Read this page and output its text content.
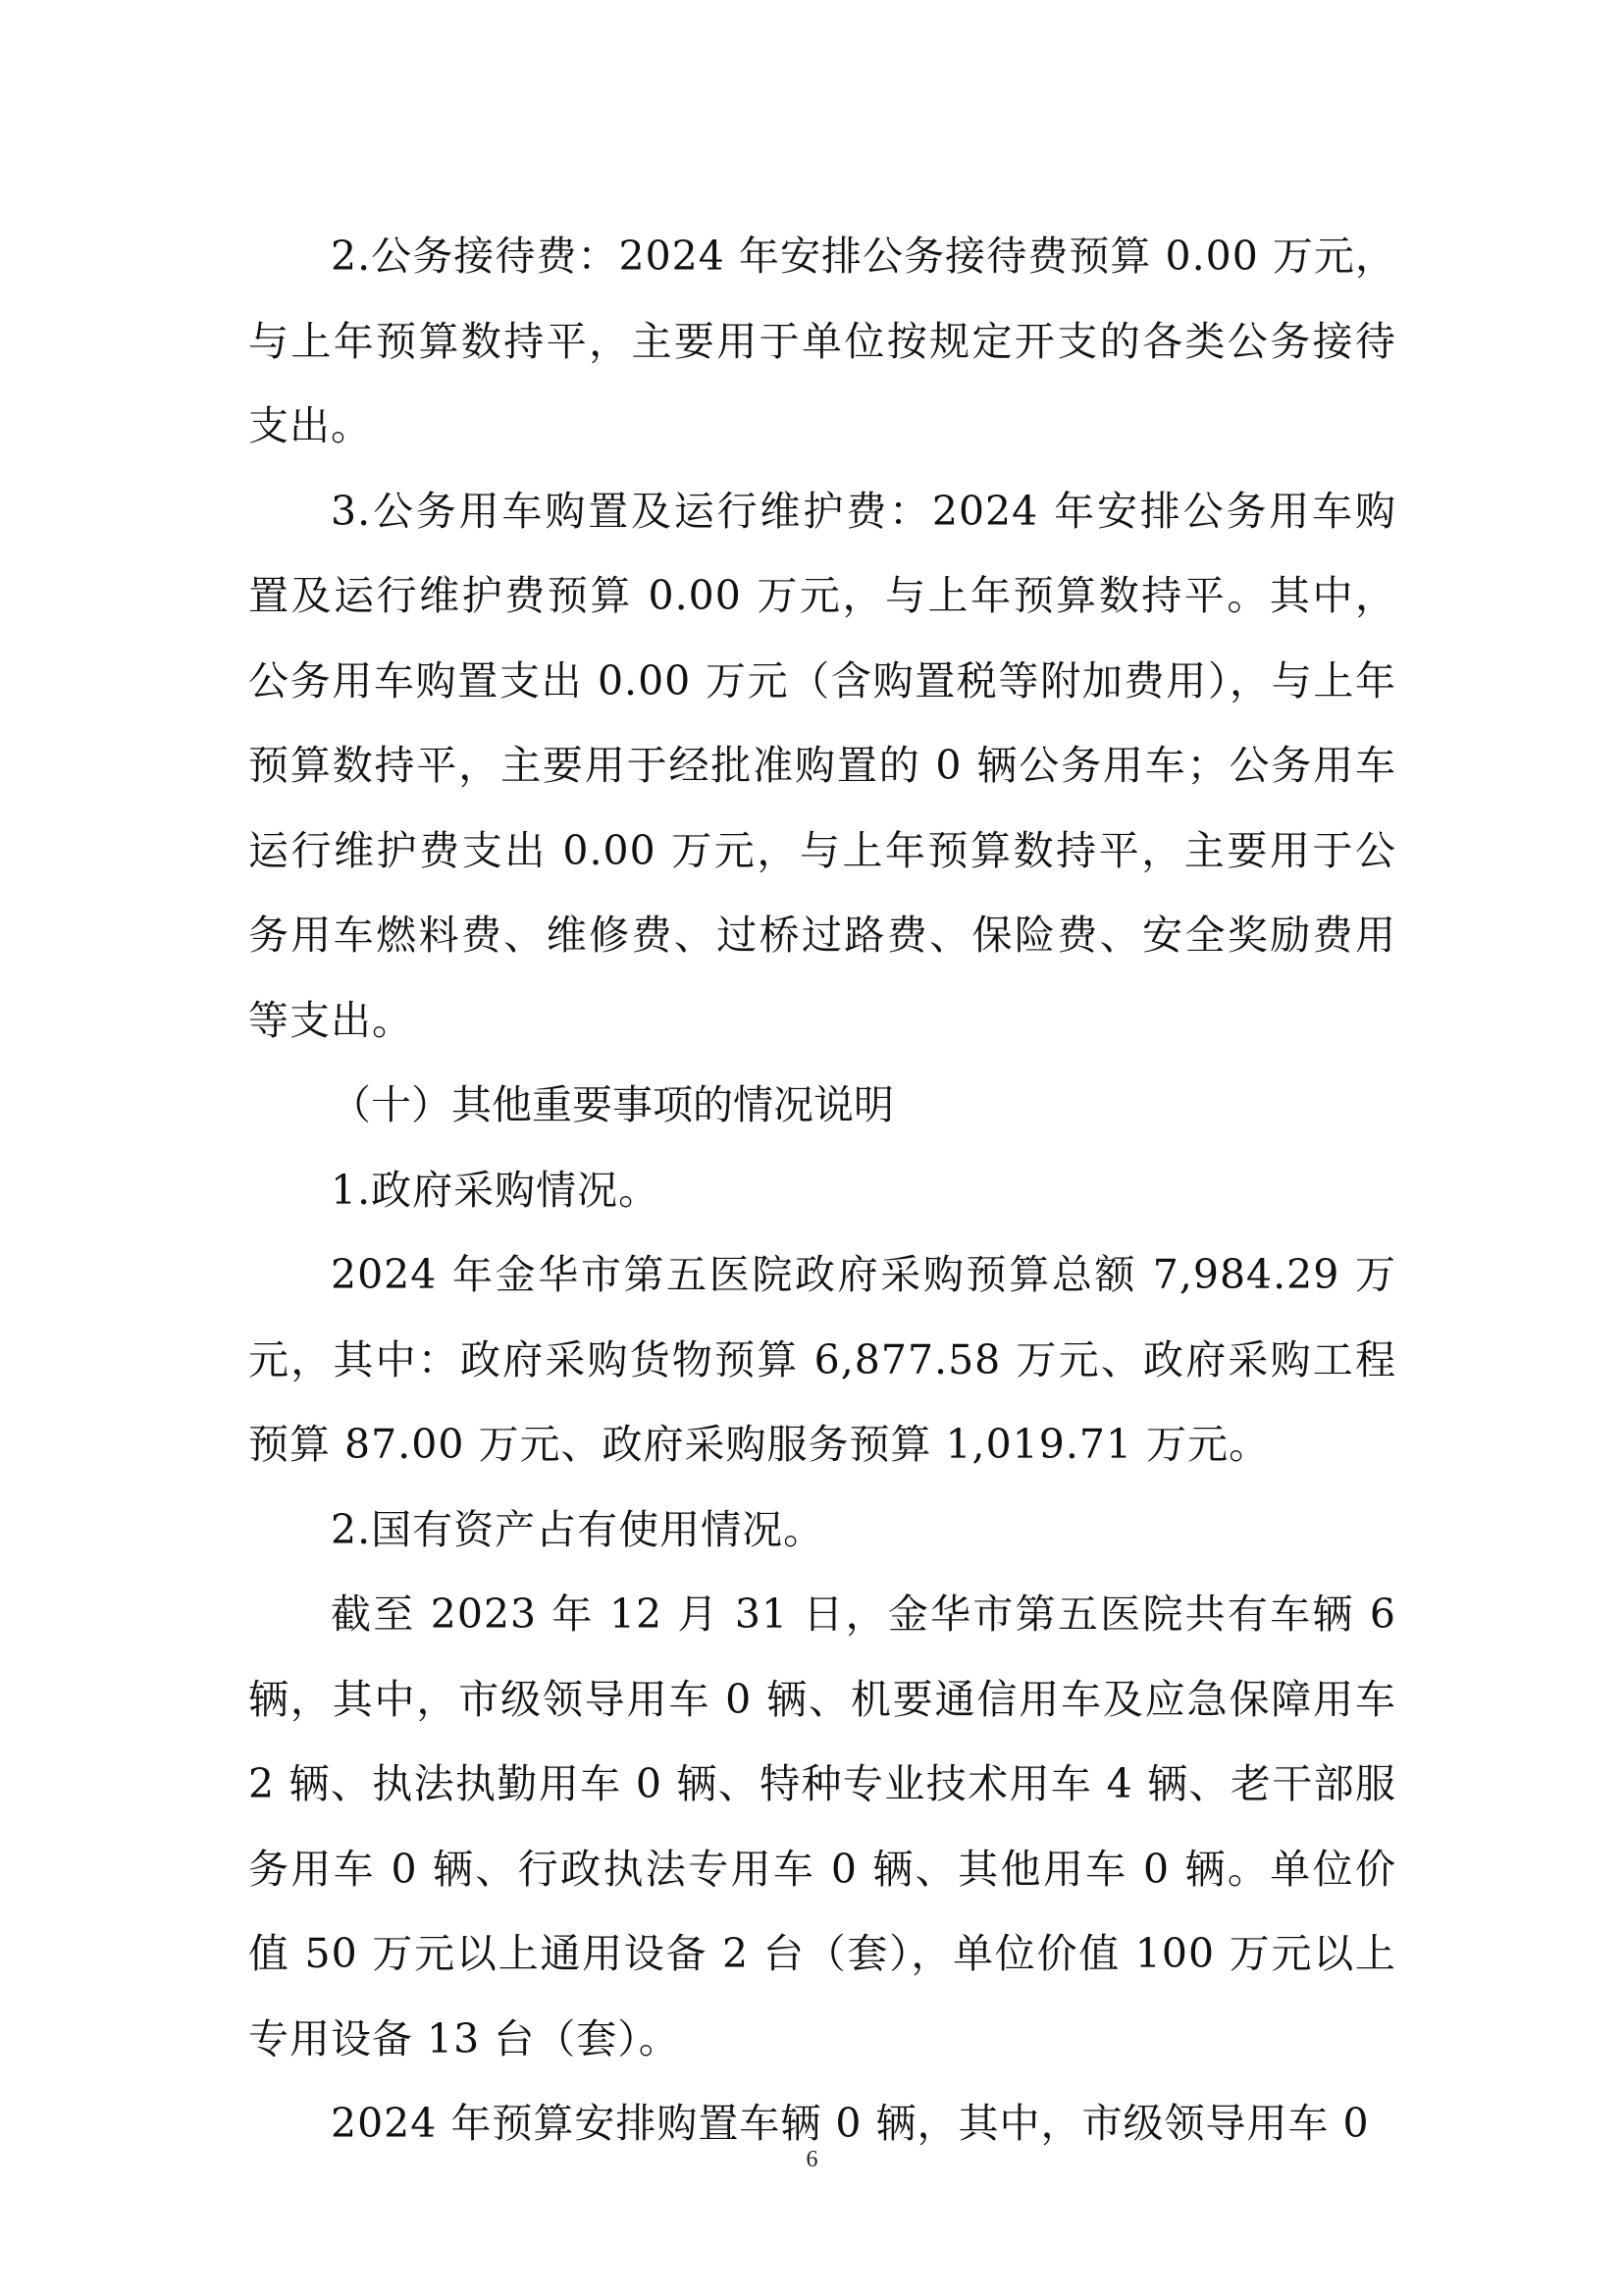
2.公务接待费：2024 年安排公务接待费预算 0.00 万元，与上年预算数持平，主要用于单位按规定开支的各类公务接待支出。

3.公务用车购置及运行维护费：2024 年安排公务用车购置及运行维护费预算 0.00 万元，与上年预算数持平。其中，公务用车购置支出 0.00 万元（含购置税等附加费用），与上年预算数持平，主要用于经批准购置的 0 辆公务用车；公务用车运行维护费支出 0.00 万元，与上年预算数持平，主要用于公务用车燃料费、维修费、过桥过路费、保险费、安全奖励费用等支出。

（十）其他重要事项的情况说明

1.政府采购情况。

2024 年金华市第五医院政府采购预算总额 7,984.29 万元，其中：政府采购货物预算 6,877.58 万元、政府采购工程预算 87.00 万元、政府采购服务预算 1,019.71 万元。

2.国有资产占有使用情况。

截至 2023 年 12 月 31 日，金华市第五医院共有车辆 6 辆，其中，市级领导用车 0 辆、机要通信用车及应急保障用车 2 辆、执法执勤用车 0 辆、特种专业技术用车 4 辆、老干部服务用车 0 辆、行政执法专用车 0 辆、其他用车 0 辆。单位价值 50 万元以上通用设备 2 台（套），单位价值 100 万元以上专用设备 13 台（套）。

2024 年预算安排购置车辆 0 辆，其中，市级领导用车 0

6
